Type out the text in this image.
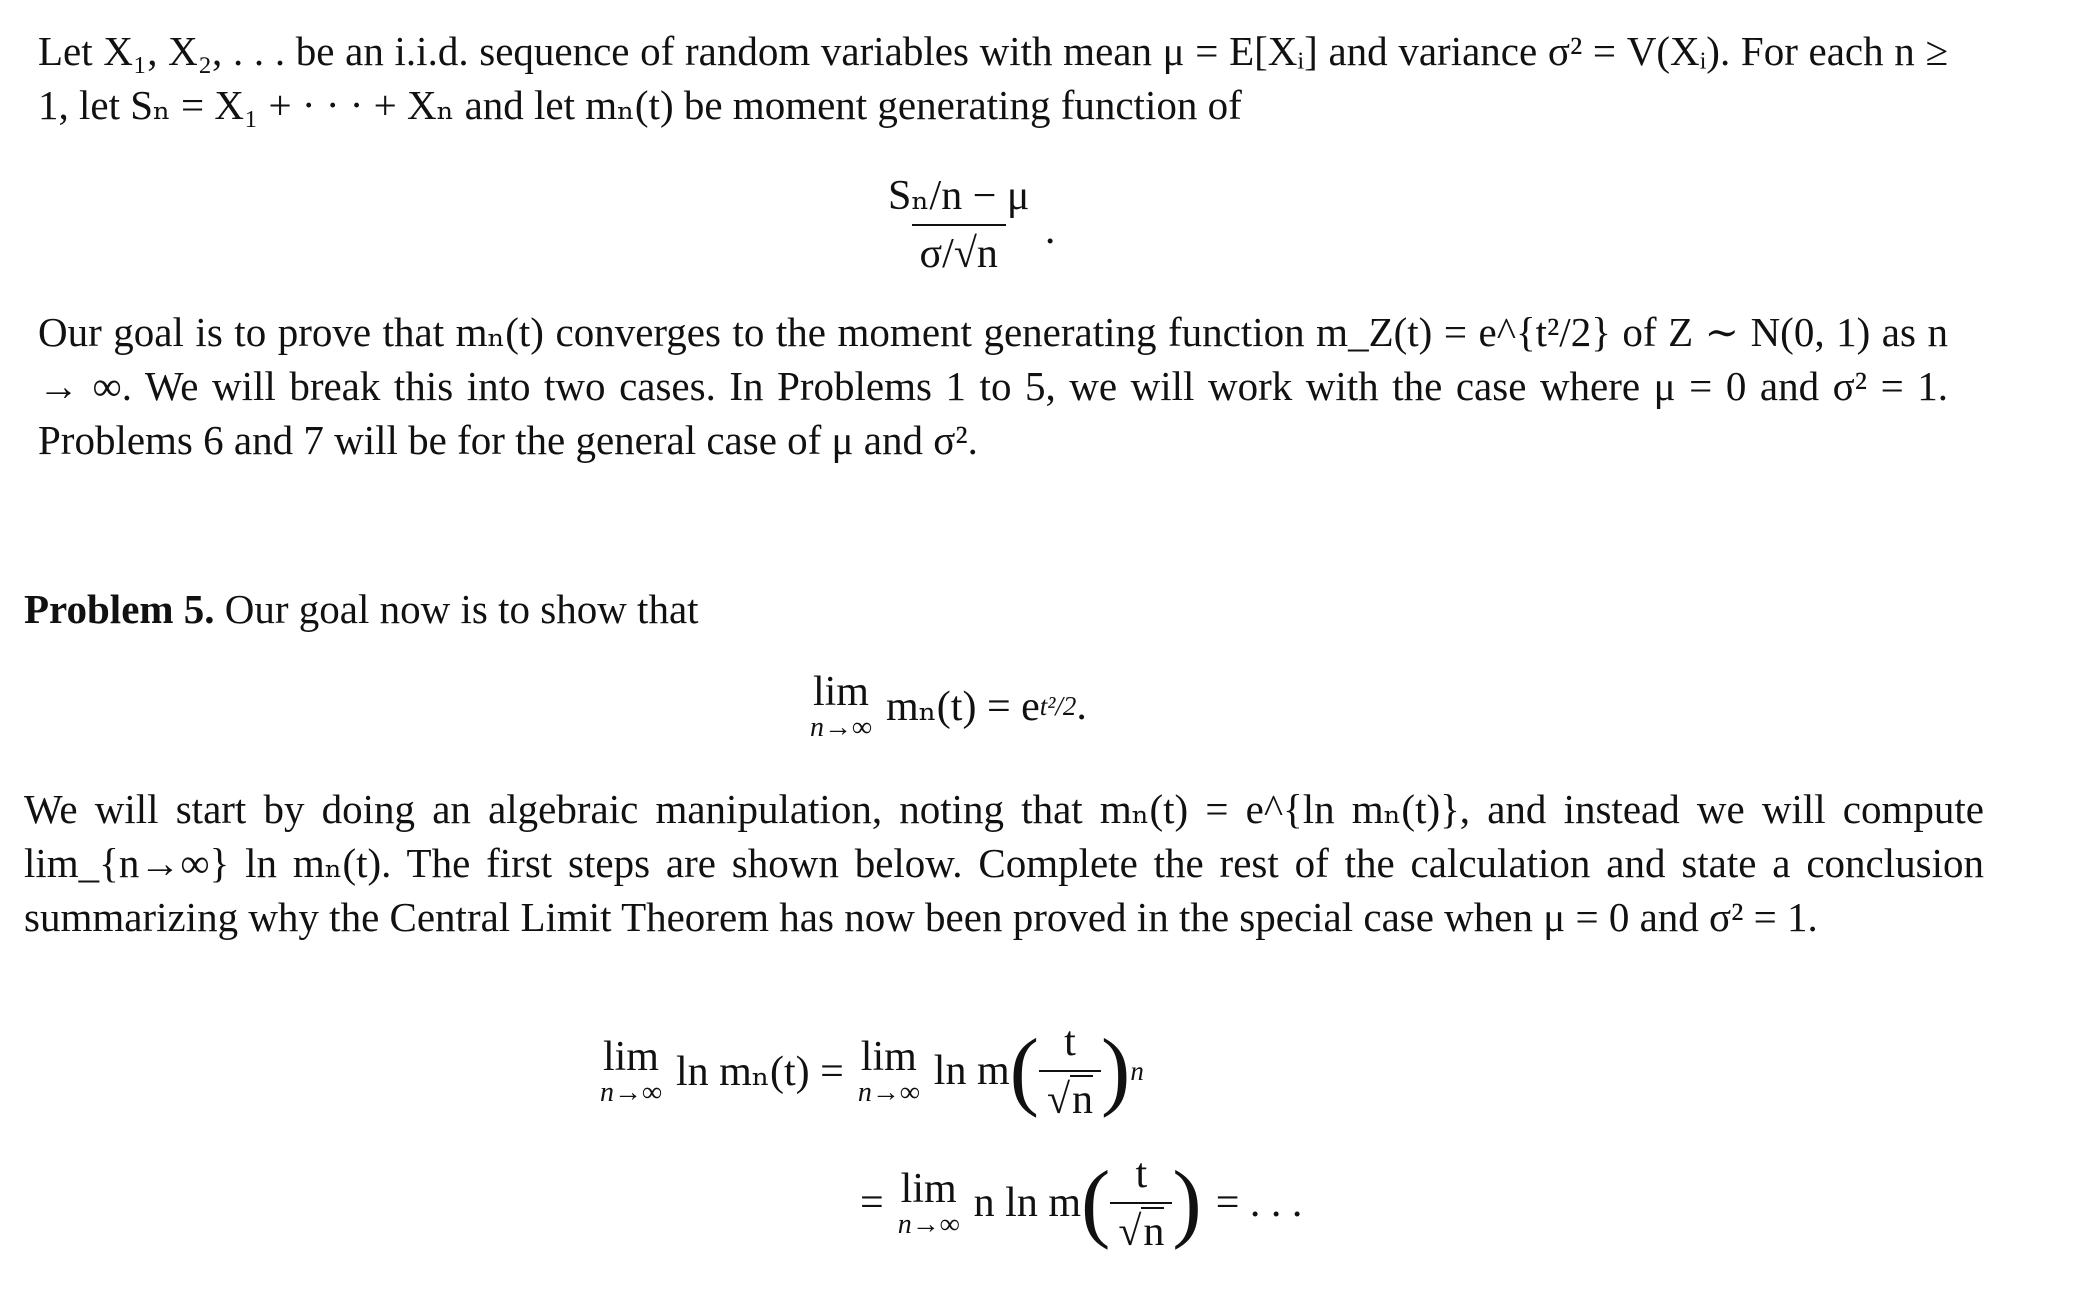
Let X₁, X₂, . . . be an i.i.d. sequence of random variables with mean μ = E[Xᵢ] and variance σ² = V(Xᵢ). For each n ≥ 1, let Sₙ = X₁ + · · · + Xₙ and let mₙ(t) be moment generating function of
$\frac{\text{Sₙ/n − μ}}{\sigma/√n}$ .
Our goal is to prove that mₙ(t) converges to the moment generating function m_Z(t) = e^{t²/2} of Z ∼ N(0, 1) as n → ∞. We will break this into two cases. In Problems 1 to 5, we will work with the case where μ = 0 and σ² = 1. Problems 6 and 7 will be for the general case of μ and σ².
Problem 5. Our goal now is to show that
lim
n→∞ mₙ(t) = e t²/2 .
We will start by doing an algebraic manipulation, noting that mₙ(t) = e^{ln mₙ(t)}, and instead we will compute lim_{n→∞} ln mₙ(t). The first steps are shown below. Complete the rest of the calculation and state a conclusion summarizing why the Central Limit Theorem has now been proved in the special case when μ = 0 and σ² = 1.
lim
n→∞ ln mₙ(t) = lim
n→∞ ln m ( $\frac{t}{√n}$ ) n
= lim
n→∞ n ln m ( $\frac{t}{√n}$ ) = . . .
